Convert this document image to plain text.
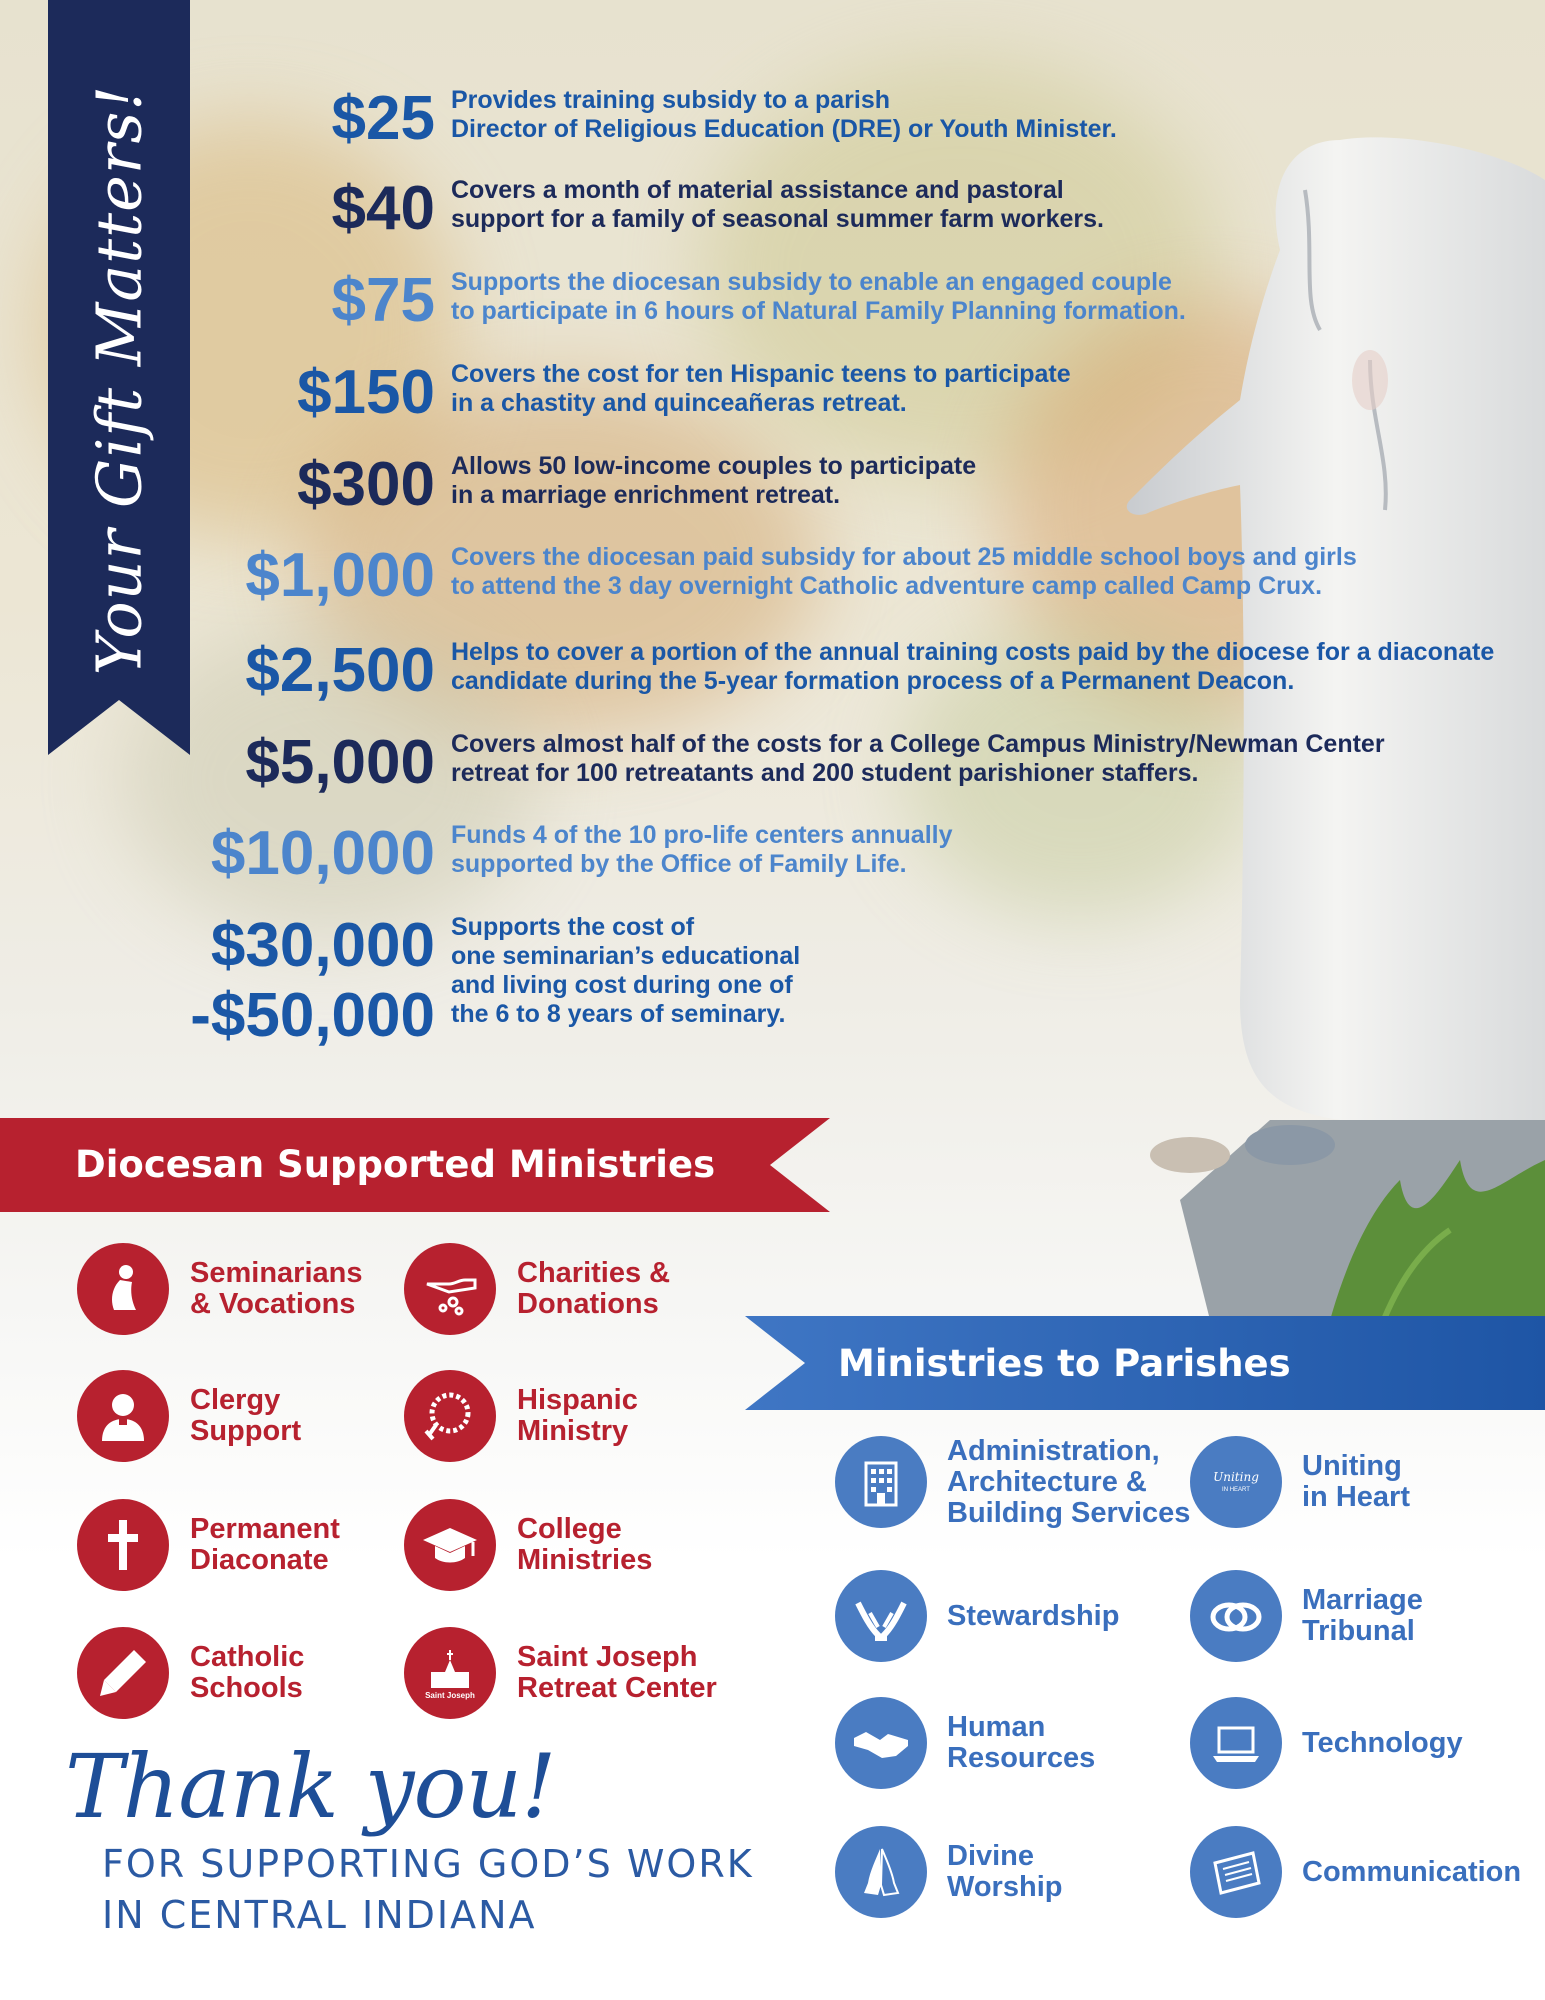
Your Gift Matters!	$25 Provides training subsidy to a parish
Director of Religious Education (DRE) or Youth Minister.
$40 Covers a month of material assistance and pastoral
support for a family of seasonal summer farm workers.
$75 Supports the diocesan subsidy to enable an engaged couple
to participate in 6 hours of Natural Family Planning formation.
$150 Covers the cost for ten Hispanic teens to participate
in a chastity and quinceañeras retreat.
$300 Allows 50 low-income couples to participate
in a marriage enrichment retreat.
$1,000 Covers the diocesan paid subsidy for about 25 middle school boys and girls
to attend the 3 day overnight Catholic adventure camp called Camp Crux.
$2,500 Helps to cover a portion of the annual training costs paid by the diocese for a diaconate
candidate during the 5-year formation process of a Permanent Deacon.
$5,000 Covers almost half of the costs for a College Campus Ministry/Newman Center
retreat for 100 retreatants and 200 student parishioner staffers.
$10,000 Funds 4 of the 10 pro-life centers annually
supported by the Office of Family Life.
$30,000
-$50,000
Supports the cost of
one seminarian’s educational
and living cost during one of
the 6 to 8 years of seminary.
Diocesan Supported Ministries
Ministries to Parishes
Seminarians
& Vocations
Charities &
Donations
Clergy
Support
Hispanic
Ministry
Permanent
Diaconate
College
Ministries
Catholic
Schools	Saint Joseph
Saint Joseph
Retreat Center
Administration,
Architecture &
Building Services
Uniting
IN HEART
Uniting
in Heart
Stewardship	Marriage
Tribunal
Human
Resources	Technology
Divine
Worship	Communication
Thank you!
FOR SUPPORTING GOD’S WORK
IN CENTRAL INDIANA
